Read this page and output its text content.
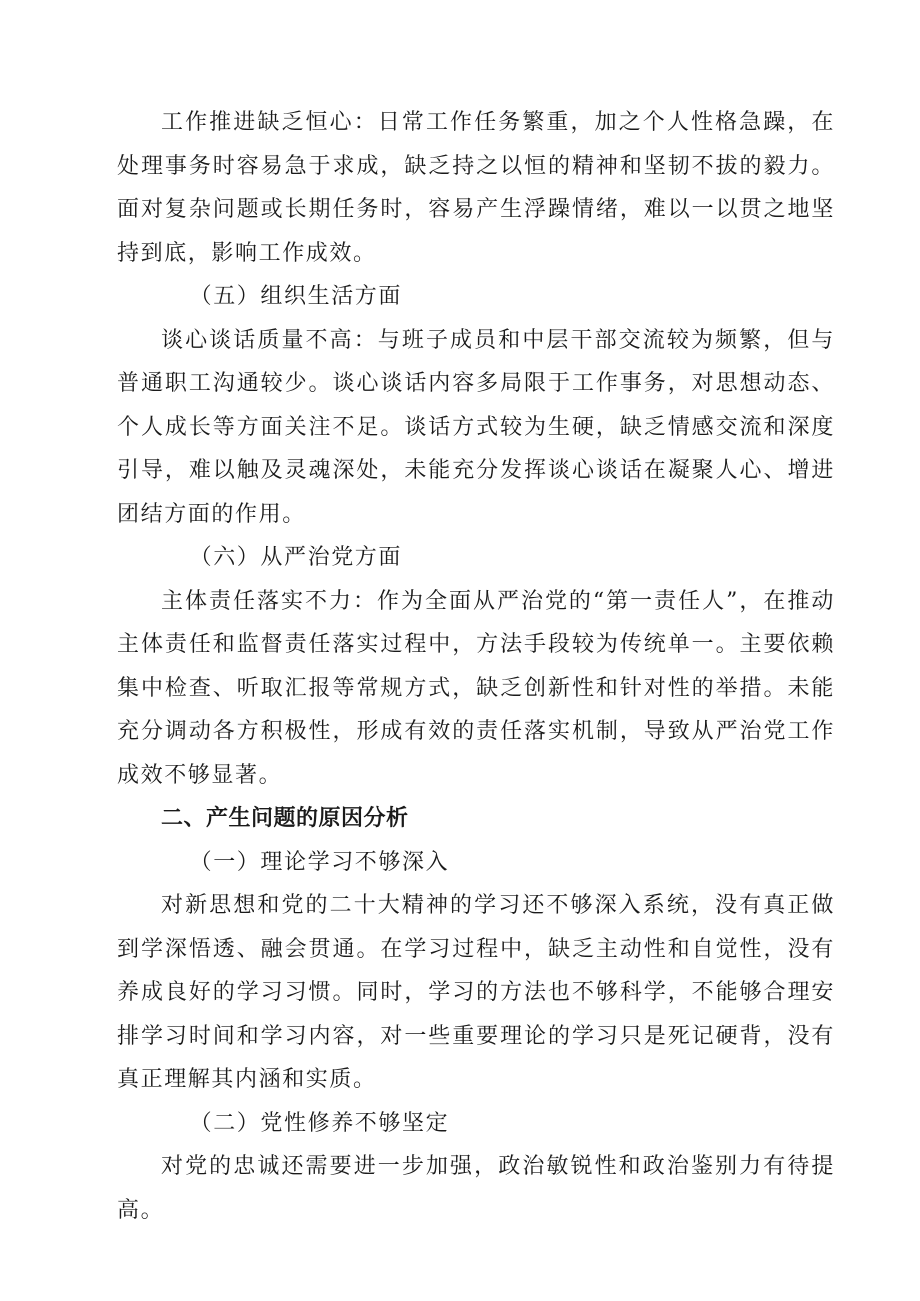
工作推进缺乏恒心：日常工作任务繁重，加之个人性格急躁，在处理事务时容易急于求成，缺乏持之以恒的精神和坚韧不拔的毅力。面对复杂问题或长期任务时，容易产生浮躁情绪，难以一以贯之地坚持到底，影响工作成效。

（五）组织生活方面

谈心谈话质量不高：与班子成员和中层干部交流较为频繁，但与普通职工沟通较少。谈心谈话内容多局限于工作事务，对思想动态、个人成长等方面关注不足。谈话方式较为生硬，缺乏情感交流和深度引导，难以触及灵魂深处，未能充分发挥谈心谈话在凝聚人心、增进团结方面的作用。

（六）从严治党方面

主体责任落实不力：作为全面从严治党的“第一责任人”，在推动主体责任和监督责任落实过程中，方法手段较为传统单一。主要依赖集中检查、听取汇报等常规方式，缺乏创新性和针对性的举措。未能充分调动各方积极性，形成有效的责任落实机制，导致从严治党工作成效不够显著。

二、产生问题的原因分析

（一）理论学习不够深入

对新思想和党的二十大精神的学习还不够深入系统，没有真正做到学深悟透、融会贯通。在学习过程中，缺乏主动性和自觉性，没有养成良好的学习习惯。同时，学习的方法也不够科学，不能够合理安排学习时间和学习内容，对一些重要理论的学习只是死记硬背，没有真正理解其内涵和实质。

（二）党性修养不够坚定

对党的忠诚还需要进一步加强，政治敏锐性和政治鉴别力有待提高。
